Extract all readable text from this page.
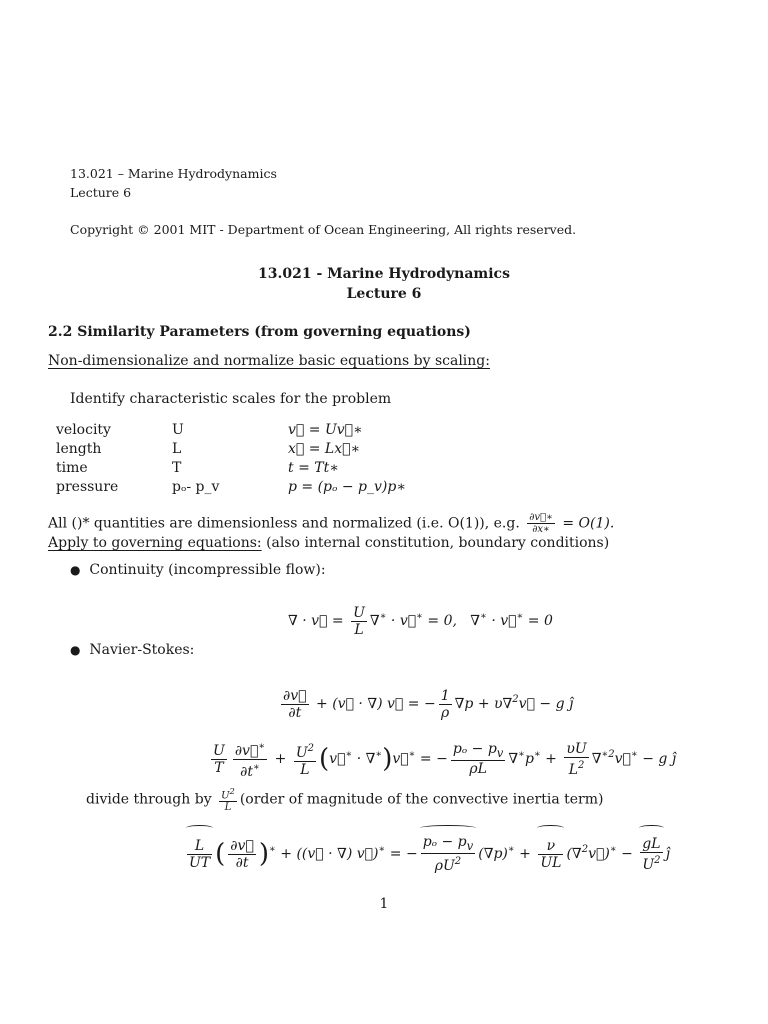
13.021 – Marine Hydrodynamics
Lecture 6
Copyright © 2001 MIT - Department of Ocean Engineering, All rights reserved.
13.021 - Marine Hydrodynamics
Lecture 6
2.2 Similarity Parameters (from governing equations)
Non-dimensionalize and normalize basic equations by scaling:
Identify characteristic scales for the problem
velocity	U	v⃗ = Uv⃗∗
length	L	x⃗ = Lx⃗∗
time	T	t = Tt∗
pressure	pₒ- p_v	p = (pₒ − p_v)p∗
All ()* quantities are dimensionless and normalized (i.e. O(1)), e.g. $\frac{\partial v⃗∗}{\partial x∗} = O(1)$.
Apply to governing equations: (also internal constitution, boundary conditions)
● Continuity (incompressible flow):
∇ · v⃗ = $\frac{U}{L} \nabla^∗$ · v⃗∗ = 0,   ∇∗ · v⃗∗ = 0
● Navier-Stokes:
$\frac{\partial v⃗}{\partial t}$ + (v⃗ · ∇) v⃗ = − $\frac{1}{\rho} \nabla p$ + υ∇$^2$v⃗ − g ĵ
$\frac{U}{T} \frac{\partial v⃗^∗}{\partial t^∗} + \frac{U^2}{L}$ (v⃗∗ · ∇∗)v⃗∗ = − $\frac{p_o - p_v}{\rho L} \nabla^∗p^∗ + \frac{\upsilon U}{L^2}$ ∇$^{∗2}$v⃗∗ − g ĵ
divide through by $\frac{U^2}{L}$ (order of magnitude of the convective inertia term)
$\frac{L}{UT}$ ( $\frac{\partial v⃗}{\partial t} )^∗$ + ((v⃗ · ∇) v⃗)∗ = − $\frac{p_o - p_v}{\rho U^2} (\nabla p)^∗ + \frac{\nu}{UL}$ (∇$^2$v⃗)∗ − $\frac{gL}{U^2}$ ĵ
1
